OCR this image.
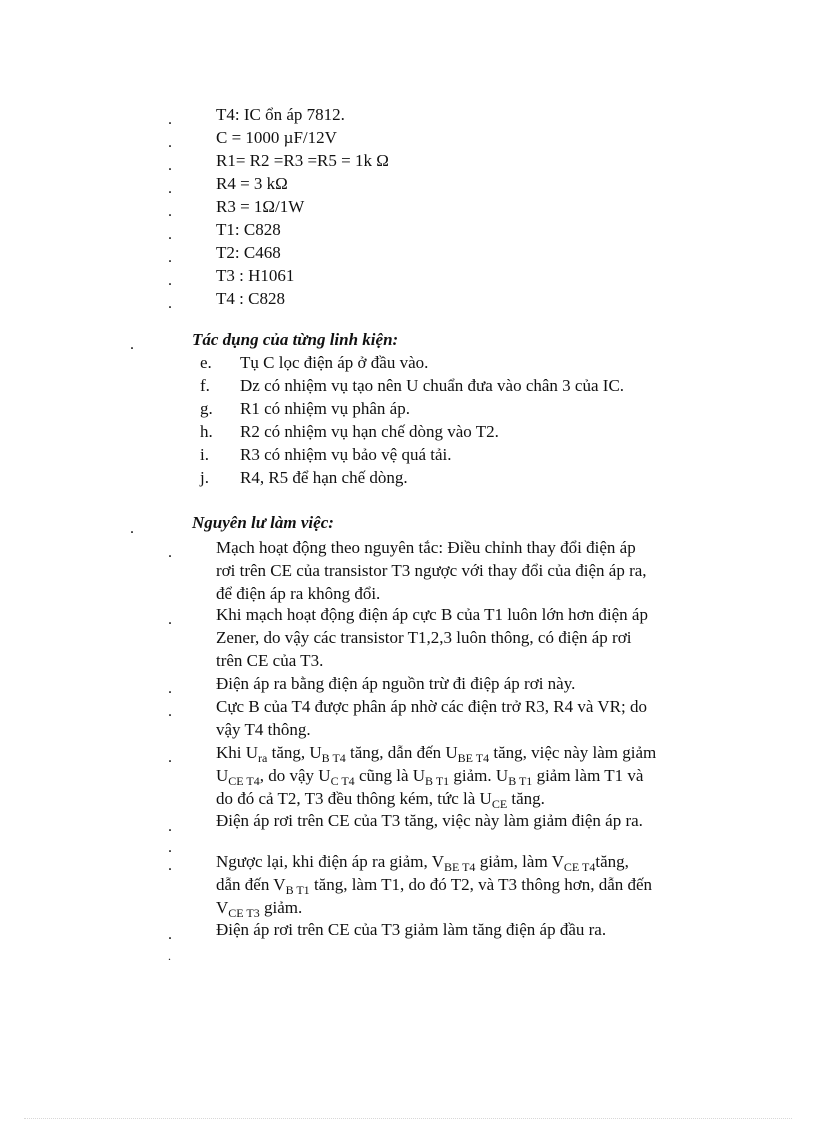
.	T4: IC ổn áp 7812.
.	C = 1000 µF/12V
.	R1= R2 =R3 =R5 = 1k Ω
.	R4 = 3 kΩ
.	R3 = 1Ω/1W
.	T1: C828
.	T2: C468
.	T3 : H1061
.	T4 : C828
.	Tác dụng của từng linh kiện:
e. Tụ C lọc điện áp ở đầu vào.
f. Dz có nhiệm vụ tạo nên U chuẩn đưa vào chân 3 của IC.
g. R1 có nhiệm vụ phân áp.
h. R2 có nhiệm vụ hạn chế dòng vào T2.
i. R3 có nhiệm vụ bảo vệ quá tải.
j. R4, R5 để hạn chế dòng.
.	Nguyên lư làm việc:
.	Mạch hoạt động theo nguyên tắc: Điều chỉnh thay đổi điện áp
rơi trên CE của transistor T3 ngược với thay đổi của điện áp ra,
để điện áp ra không đổi.
.	Khi mạch hoạt động điện áp cực B của T1 luôn lớn hơn điện áp
Zener, do vậy các transistor T1,2,3 luôn thông, có điện áp rơi
trên CE của T3.
.	Điện áp ra bằng điện áp nguồn trừ đi điệp áp rơi này.
.	Cực B của T4 được phân áp nhờ các điện trở R3, R4 và VR; do
vậy T4 thông.
.	Khi $U_{ra}$ tăng, $U_{B T4}$ tăng, dẫn đến $U_{BE T4}$ tăng, việc này làm giảm
$U_{CE T4}$, do vậy $U_{C T4}$ cũng là $U_{B T1}$ giảm. $U_{B T1}$ giảm làm T1 và
do đó cả T2, T3 đều thông kém, tức là $U_{CE}$ tăng.
.	Điện áp rơi trên CE của T3 tăng, việc này làm giảm điện áp ra.
.
.	Ngược lại, khi điện áp ra giảm, $V_{BE T4}$ giảm, làm $V_{CE T4}tăng$,
dẫn đến $V_{B T1}$ tăng, làm T1, do đó T2, và T3 thông hơn, dẫn đến
$V_{CE T3}$ giảm.
.	Điện áp rơi trên CE của T3 giảm làm tăng điện áp đầu ra.
.
